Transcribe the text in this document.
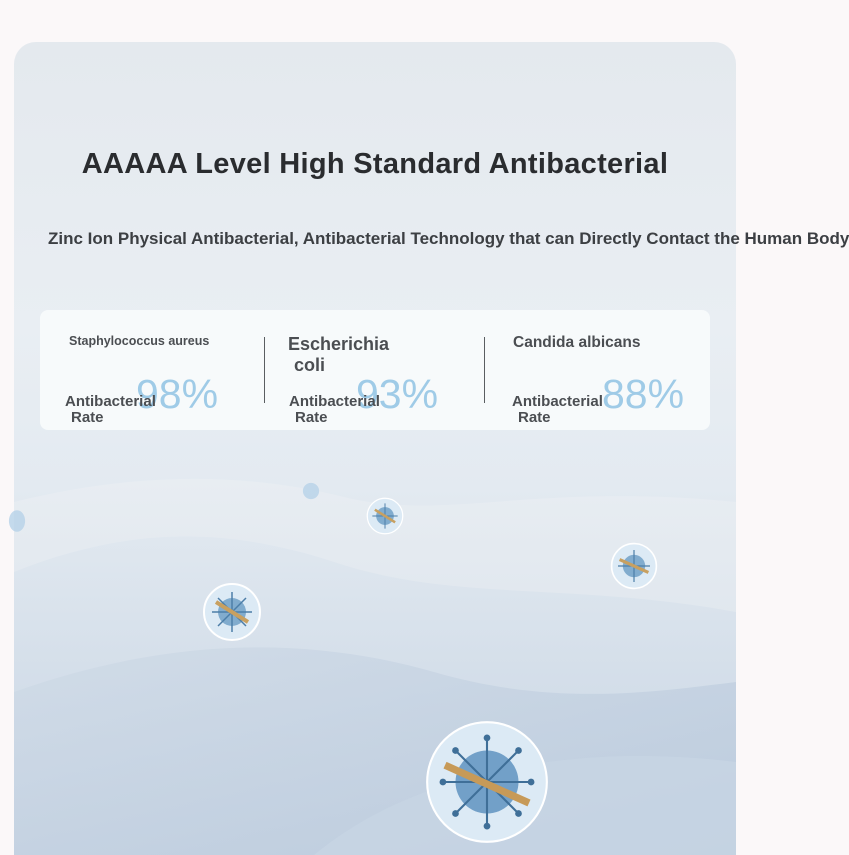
AAAAA Level High Standard Antibacterial

Zinc Ion Physical Antibacterial, Antibacterial Technology that can Directly Contact the Human Body

Staphylococcus aureus
98%
Antibacterial
Rate
Escherichia
coli
93%
Antibacterial
Rate
Candida albicans
88%
Antibacterial
Rate
